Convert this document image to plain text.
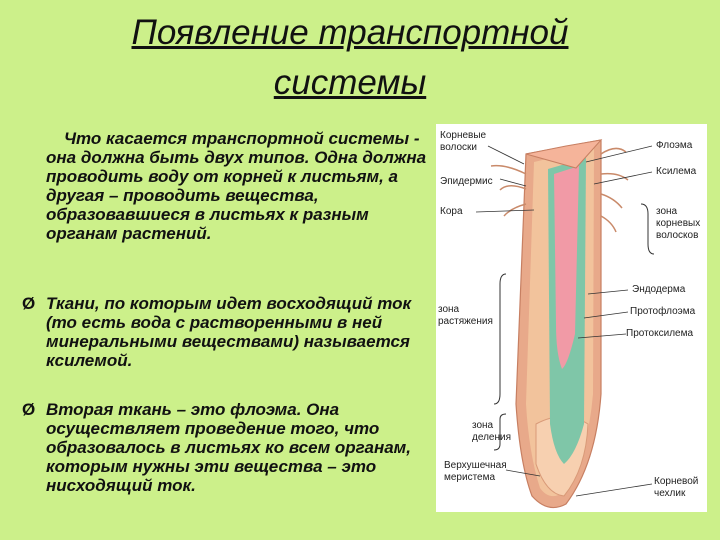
Появление транспортной
системы
Что касается транспортной системы - она должна быть двух типов. Одна должна проводить воду от корней к листьям, а другая – проводить вещества, образовавшиеся в листьях к разным органам растений.
Ø Ткани, по которым идет восходящий ток (то есть вода с растворенными в ней минеральными веществами) называется ксилемой.
Ø Вторая ткань – это флоэма. Она осуществляет проведение того, что образовалось в листьях ко всем органам, которым нужны эти вещества – это нисходящий ток.
Корневые
волоски
Эпидермис
Кора
зона
растяжения
зона
деления
Верхушечная
меристема
Флоэма
Ксилема
зона
корневых
волосков
Эндодерма
Протофлоэма
Протоксилема
Корневой
чехлик
